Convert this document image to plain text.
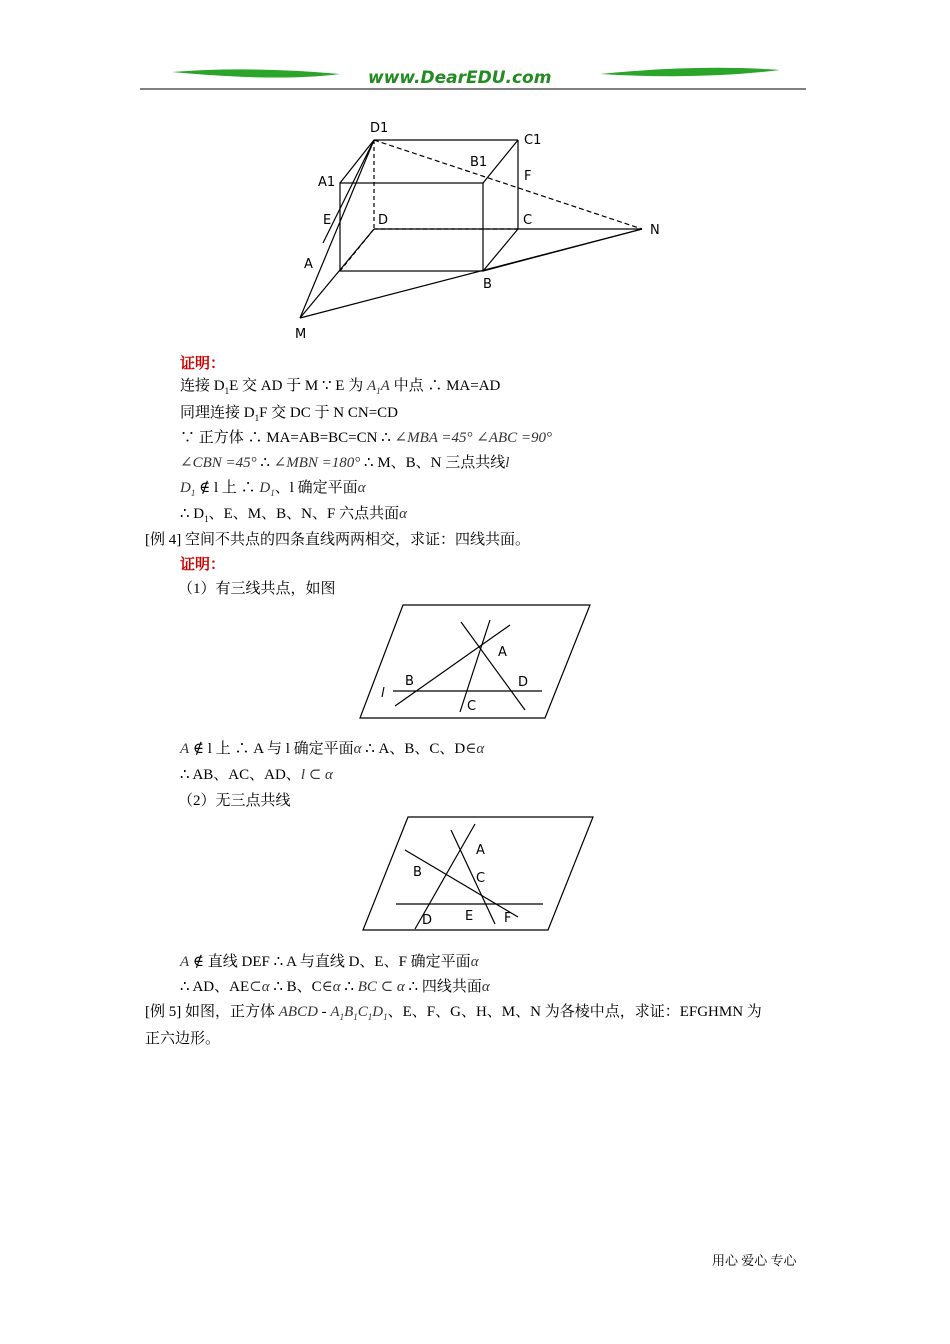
www.DearEDU.com
D1
C1
A1
B1
F
E	D	C
N
A
B
M
证明：
连接 $D_1E$ 交 AD 于 M ∵ E 为 $A_1A$ 中点 ∴ MA=AD
同理连接 $D_1F$ 交 DC 于 N CN=CD
∵ 正方体 ∴ MA=AB=BC=CN ∴ ∠MBA =45° ∠ABC =90°
∠CBN =45° ∴ ∠MBN =180° ∴ M、B、N 三点共线l
$D_1$ ∉ l 上 ∴ $D_1$、l 确定平面α
∴ $D_1$、E、M、B、N、F 六点共面α
[例 4] 空间不共点的四条直线两两相交，求证：四线共面。
证明：
（1）有三线共点，如图
A
B	D
l
C
A ∉ l 上 ∴ A 与 l 确定平面α ∴ A、B、C、D∈α
∴ AB、AC、AD、l ⊂ α
（2）无三点共线
A
B	C
D	E F
A ∉ 直线 DEF ∴ A 与直线 D、E、F 确定平面α
∴ AD、AE⊂α ∴ B、C∈α ∴ BC ⊂ α ∴ 四线共面α
[例 5] 如图，正方体 ABCD - $A_1B_1C_1D_1$、E、F、G、H、M、N 为各棱中点，求证：EFGHMN 为
正六边形。
用心 爱心 专心
